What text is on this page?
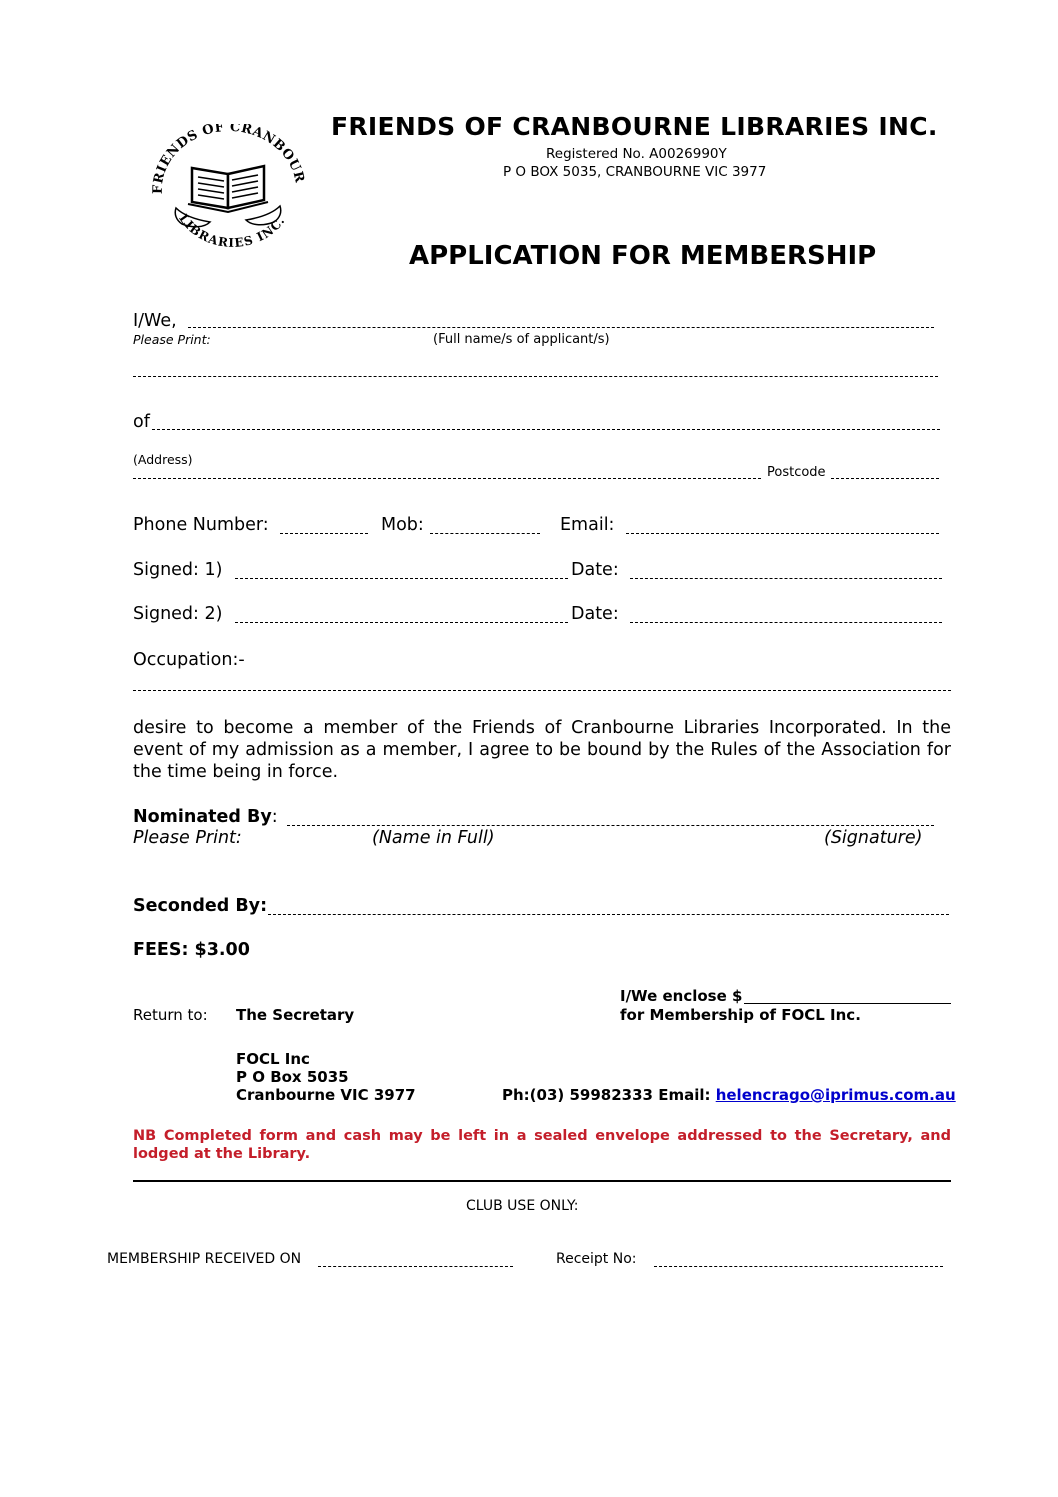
FRIENDS OF CRANBOUR
LIBRARIES INC.
FRIENDS OF CRANBOURNE LIBRARIES INC.
Registered No. A0026990Y
P O BOX 5035, CRANBOURNE VIC 3977
APPLICATION FOR MEMBERSHIP
I/We,
Please Print:	(Full name/s of applicant/s)
of
(Address)
Postcode
Phone Number:	Mob:	Email:
Signed: 1)	Date:
Signed: 2)	Date:
Occupation:-
desire to become a member of the Friends of Cranbourne Libraries Incorporated. In the event of my admission as a member, I agree to be bound by the Rules of the Association for the time being in force.
Nominated By:
Please Print:	(Name in Full)	(Signature)
Seconded By:
FEES: $3.00
I/We enclose $
Return to: The Secretary	for Membership of FOCL Inc.
FOCL Inc
P O Box 5035
Cranbourne VIC 3977	Ph:(03) 59982333 Email: helencrago@iprimus.com.au
NB Completed form and cash may be left in a sealed envelope addressed to the Secretary, and lodged at the Library.
CLUB USE ONLY:
MEMBERSHIP RECEIVED ON	Receipt No:
